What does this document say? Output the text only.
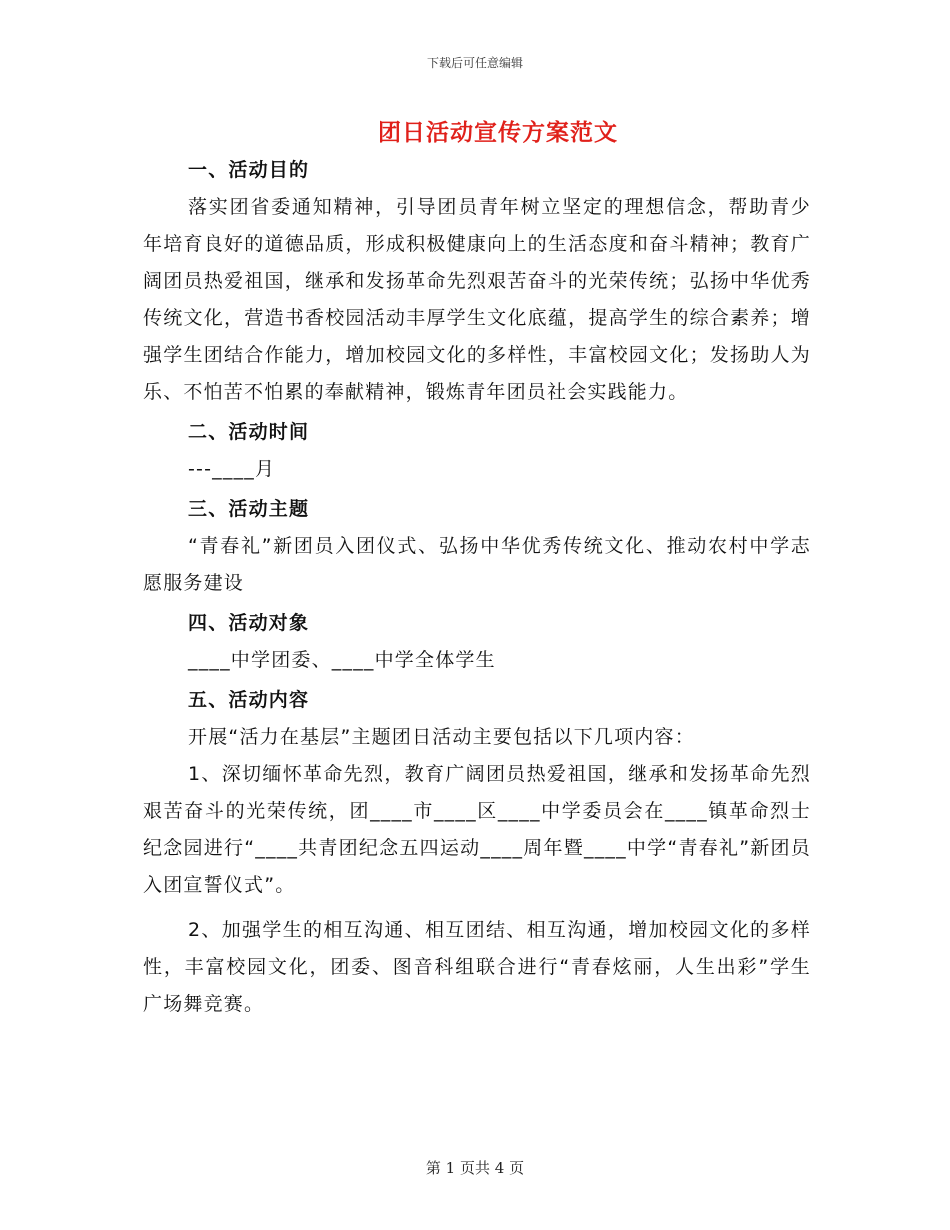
下载后可任意编辑
团日活动宣传方案范文

一、活动目的

落实团省委通知精神，引导团员青年树立坚定的理想信念，帮助青少年培育良好的道德品质，形成积极健康向上的生活态度和奋斗精神；教育广阔团员热爱祖国，继承和发扬革命先烈艰苦奋斗的光荣传统；弘扬中华优秀传统文化，营造书香校园活动丰厚学生文化底蕴，提高学生的综合素养；增强学生团结合作能力，增加校园文化的多样性，丰富校园文化；发扬助人为乐、不怕苦不怕累的奉献精神，锻炼青年团员社会实践能力。

二、活动时间

---____月

三、活动主题

“青春礼”新团员入团仪式、弘扬中华优秀传统文化、推动农村中学志愿服务建设

四、活动对象

____中学团委、____中学全体学生

五、活动内容

开展“活力在基层”主题团日活动主要包括以下几项内容：

1、深切缅怀革命先烈，教育广阔团员热爱祖国，继承和发扬革命先烈艰苦奋斗的光荣传统，团____市____区____中学委员会在____镇革命烈士纪念园进行“____共青团纪念五四运动____周年暨____中学“青春礼”新团员入团宣誓仪式”。

2、加强学生的相互沟通、相互团结、相互沟通，增加校园文化的多样性，丰富校园文化，团委、图音科组联合进行“青春炫丽，人生出彩”学生广场舞竞赛。

第 1 页共 4 页
